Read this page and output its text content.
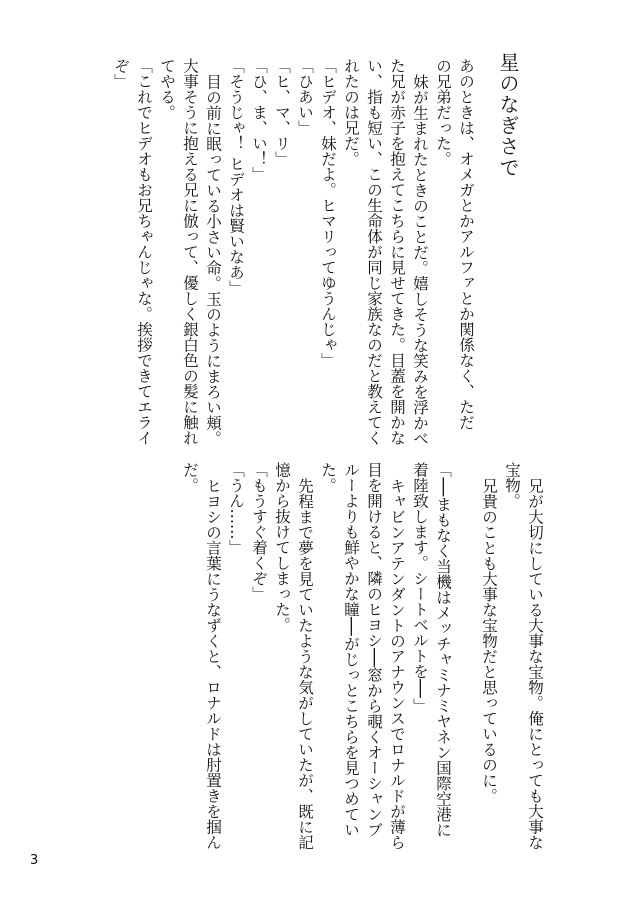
星のなぎさで
あのときは、オメガとかアルファとか関係なく、ただ
の兄弟だった。
妹が生まれたときのことだ。嬉しそうな笑みを浮かべ
た兄が赤子を抱えてこちらに見せてきた。目蓋を開かな
い、指も短い、この生命体が同じ家族なのだと教えてく
れたのは兄だ。
「ヒデオ、妹だよ。ヒマリってゆうんじゃ」
「ひあい」
「ヒ、マ、リ」
「ひ、ま、い！」
「そうじゃ！ ヒデオは賢いなあ」
目の前に眠っている小さい命。玉のようにまろい頬。
大事そうに抱える兄に倣って、優しく銀白色の髪に触れ
てやる。
「これでヒデオもお兄ちゃんじゃな。挨拶できてエライ
ぞ」
兄が大切にしている大事な宝物。俺にとっても大事な
宝物。
兄貴のことも大事な宝物だと思っているのに。
「──まもなく当機はメッチャミナミヤネン国際空港に
着陸致します。シートベルトを──」
キャビンアテンダントのアナウンスでロナルドが薄ら
目を開けると、隣のヒヨシ──窓から覗くオーシャンブ
ルーよりも鮮やかな瞳──がじっとこちらを見つめてい
た。
先程まで夢を見ていたような気がしていたが、既に記
憶から抜けてしまった。
「もうすぐ着くぞ」
「うん……」
ヒヨシの言葉にうなずくと、ロナルドは肘置きを掴ん
だ。
3
